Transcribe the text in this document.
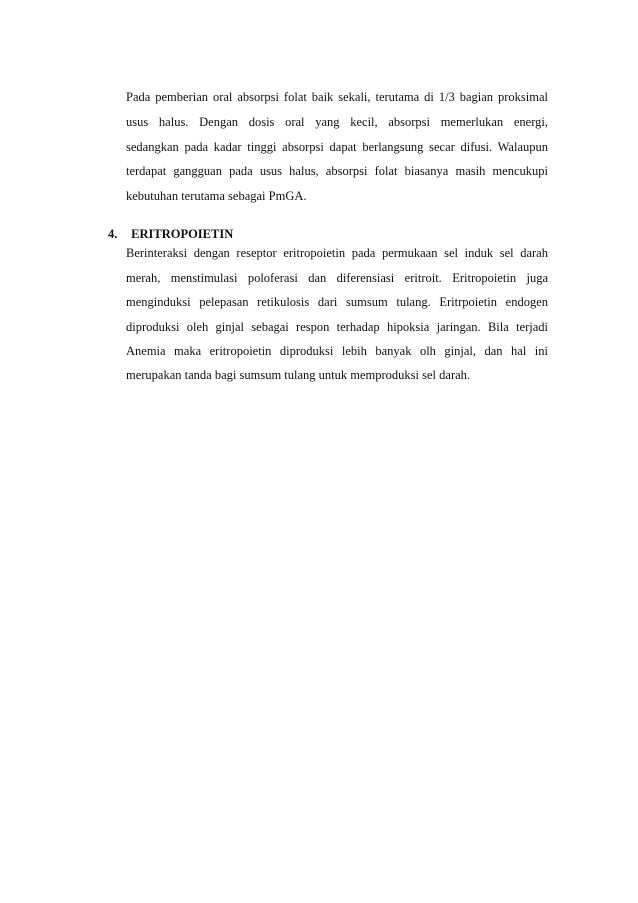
Pada pemberian oral absorpsi folat baik sekali, terutama di 1/3 bagian proksimal
usus halus. Dengan dosis oral yang kecil, absorpsi memerlukan energi,
sedangkan pada kadar tinggi absorpsi dapat berlangsung secar difusi. Walaupun
terdapat gangguan pada usus halus, absorpsi folat biasanya masih mencukupi
kebutuhan terutama sebagai PmGA.
4. ERITROPOIETIN
Berinteraksi dengan reseptor eritropoietin pada permukaan sel induk sel darah
merah, menstimulasi poloferasi dan diferensiasi eritroit. Eritropoietin juga
menginduksi pelepasan retikulosis dari sumsum tulang. Eritrpoietin endogen
diproduksi oleh ginjal sebagai respon terhadap hipoksia jaringan. Bila terjadi
Anemia maka eritropoietin diproduksi lebih banyak olh ginjal, dan hal ini
merupakan tanda bagi sumsum tulang untuk memproduksi sel darah.
